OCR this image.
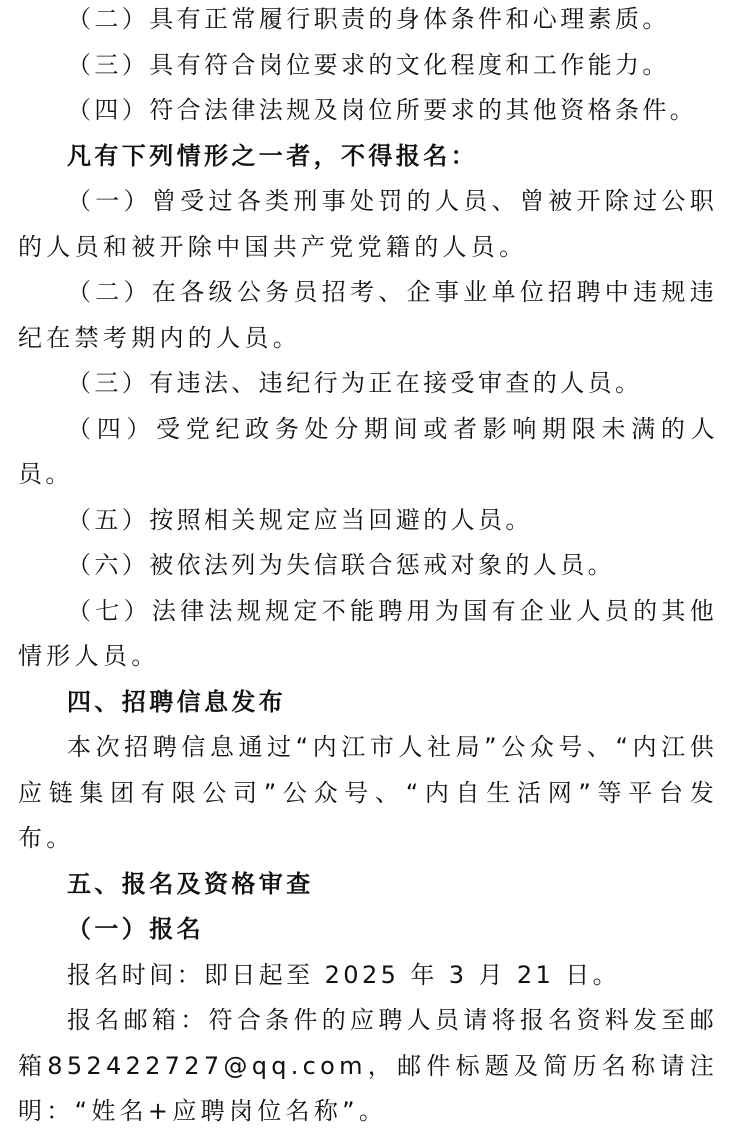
（二）具有正常履行职责的身体条件和心理素质。

（三）具有符合岗位要求的文化程度和工作能力。

（四）符合法律法规及岗位所要求的其他资格条件。

凡有下列情形之一者，不得报名：

（一）曾受过各类刑事处罚的人员、曾被开除过公职的人员和被开除中国共产党党籍的人员。

（二）在各级公务员招考、企事业单位招聘中违规违纪在禁考期内的人员。

（三）有违法、违纪行为正在接受审查的人员。

（四）受党纪政务处分期间或者影响期限未满的人员。

（五）按照相关规定应当回避的人员。

（六）被依法列为失信联合惩戒对象的人员。

（七）法律法规规定不能聘用为国有企业人员的其他情形人员。

四、招聘信息发布

本次招聘信息通过“内江市人社局”公众号、“内江供应链集团有限公司”公众号、“内自生活网”等平台发布。

五、报名及资格审查

（一）报名

报名时间：即日起至 2025 年 3 月 21 日。

报名邮箱：符合条件的应聘人员请将报名资料发至邮箱852422727@qq.com，邮件标题及简历名称请注明：“姓名+应聘岗位名称”。
